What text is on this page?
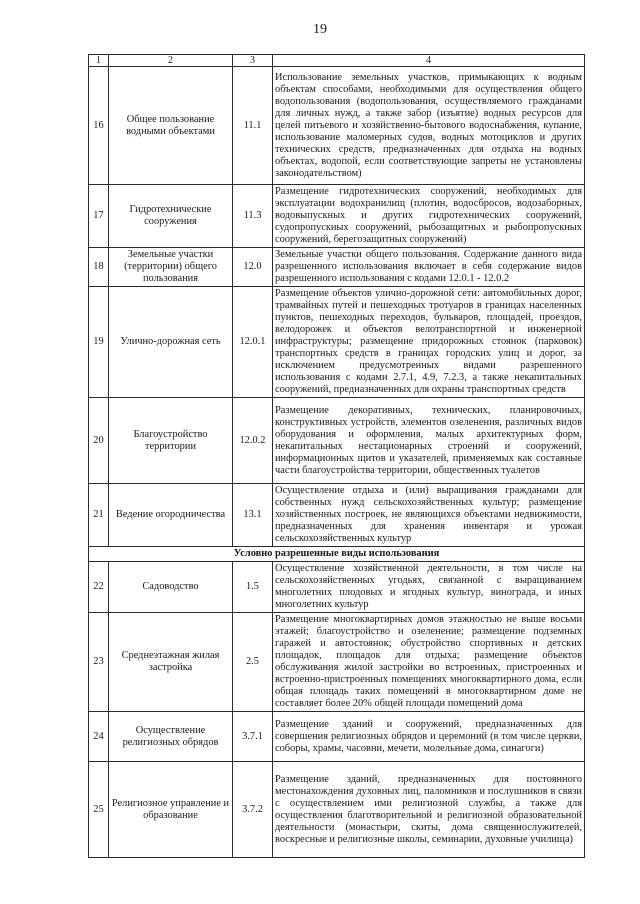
19
1	2	3	4
16	Общее пользование водными объектами	11.1	Использование земельных участков, примыкающих к водным объектам способами, необходимыми для осуществления общего водопользования (водопользования, осуществляемого гражданами для личных нужд, а также забор (изъятие) водных ресурсов для целей питьевого и хозяйственно-бытового водоснабжения, купание, использование маломерных судов, водных мотоциклов и других технических средств, предназначенных для отдыха на водных объектах, водопой, если соответствующие запреты не установлены законодательством)
17	Гидротехнические сооружения	11.3	Размещение гидротехнических сооружений, необходимых для эксплуатации водохранилищ (плотин, водосбросов, водозаборных, водовыпускных и других гидротехнических сооружений, судопропускных сооружений, рыбозащитных и рыбопропускных сооружений, берегозащитных сооружений)
18	Земельные участки (территории) общего пользования	12.0	Земельные участки общего пользования. Содержание данного вида разрешенного использования включает в себя содержание видов разрешенного использования с кодами 12.0.1 - 12.0.2
19	Улично-дорожная сеть	12.0.1	Размещение объектов улично-дорожной сети: автомобильных дорог, трамвайных путей и пешеходных тротуаров в границах населенных пунктов, пешеходных переходов, бульваров, площадей, проездов, велодорожек и объектов велотранспортной и инженерной инфраструктуры; размещение придорожных стоянок (парковок) транспортных средств в границах городских улиц и дорог, за исключением предусмотренных видами разрешенного использования с кодами 2.7.1, 4.9, 7.2.3, а также некапитальных сооружений, предназначенных для охраны транспортных средств
20	Благоустройство территории	12.0.2	Размещение декоративных, технических, планировочных, конструктивных устройств, элементов озеленения, различных видов оборудования и оформления, малых архитектурных форм, некапитальных нестационарных строений и сооружений, информационных щитов и указателей, применяемых как составные части благоустройства территории, общественных туалетов
21	Ведение огородничества	13.1	Осуществление отдыха и (или) выращивания гражданами для собственных нужд сельскохозяйственных культур; размещение хозяйственных построек, не являющихся объектами недвижимости, предназначенных для хранения инвентаря и урожая сельскохозяйственных культур
Условно разрешенные виды использования			
22	Садоводство	1.5	Осуществление хозяйственной деятельности, в том числе на сельскохозяйственных угодьях, связанной с выращиванием многолетних плодовых и ягодных культур, винограда, и иных многолетних культур
23	Среднеэтажная жилая застройка	2.5	Размещение многоквартирных домов этажностью не выше восьми этажей; благоустройство и озеленение; размещение подземных гаражей и автостоянок; обустройство спортивных и детских площадок, площадок для отдыха; размещение объектов обслуживания жилой застройки во встроенных, пристроенных и встроенно-пристроенных помещениях многоквартирного дома, если общая площадь таких помещений в многоквартирном доме не составляет более 20% общей площади помещений дома
24	Осуществление религиозных обрядов	3.7.1	Размещение зданий и сооружений, предназначенных для совершения религиозных обрядов и церемоний (в том числе церкви, соборы, храмы, часовни, мечети, молельные дома, синагоги)
25	Религиозное управление и образование	3.7.2	Размещение зданий, предназначенных для постоянного местонахождения духовных лиц, паломников и послушников в связи с осуществлением ими религиозной службы, а также для осуществления благотворительной и религиозной образовательной деятельности (монастыри, скиты, дома священнослужителей, воскресные и религиозные школы, семинарии, духовные училища)
